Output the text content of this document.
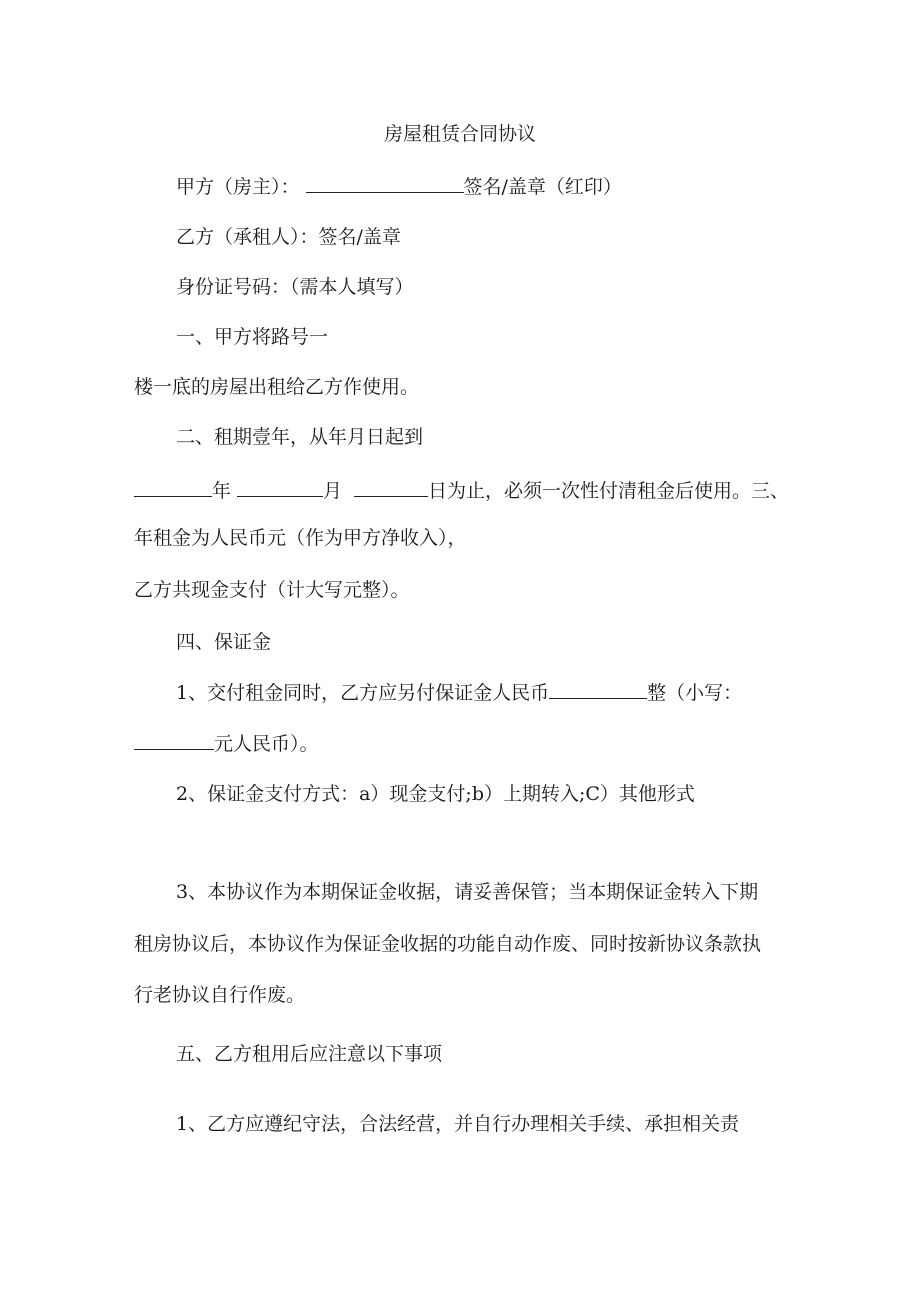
房屋租赁合同协议
甲方（房主）：	签名/盖章（红印）
乙方（承租人）：签名/盖章
身份证号码：（需本人填写）
一、甲方将路号一
楼一底的房屋出租给乙方作使用。
二、租期壹年，从年月日起到
年	月	日为止，必须一次性付清租金后使用。三、
年租金为人民币元（作为甲方净收入），
乙方共现金支付（计大写元整）。
四、保证金
1、交付租金同时，乙方应另付保证金人民币	整（小写：
元人民币）。
2、保证金支付方式：a）现金支付;b）上期转入;C）其他形式
3、本协议作为本期保证金收据，请妥善保管；当本期保证金转入下期
租房协议后，本协议作为保证金收据的功能自动作废、同时按新协议条款执
行老协议自行作废。
五、乙方租用后应注意以下事项
1、乙方应遵纪守法，合法经营，并自行办理相关手续、承担相关责
